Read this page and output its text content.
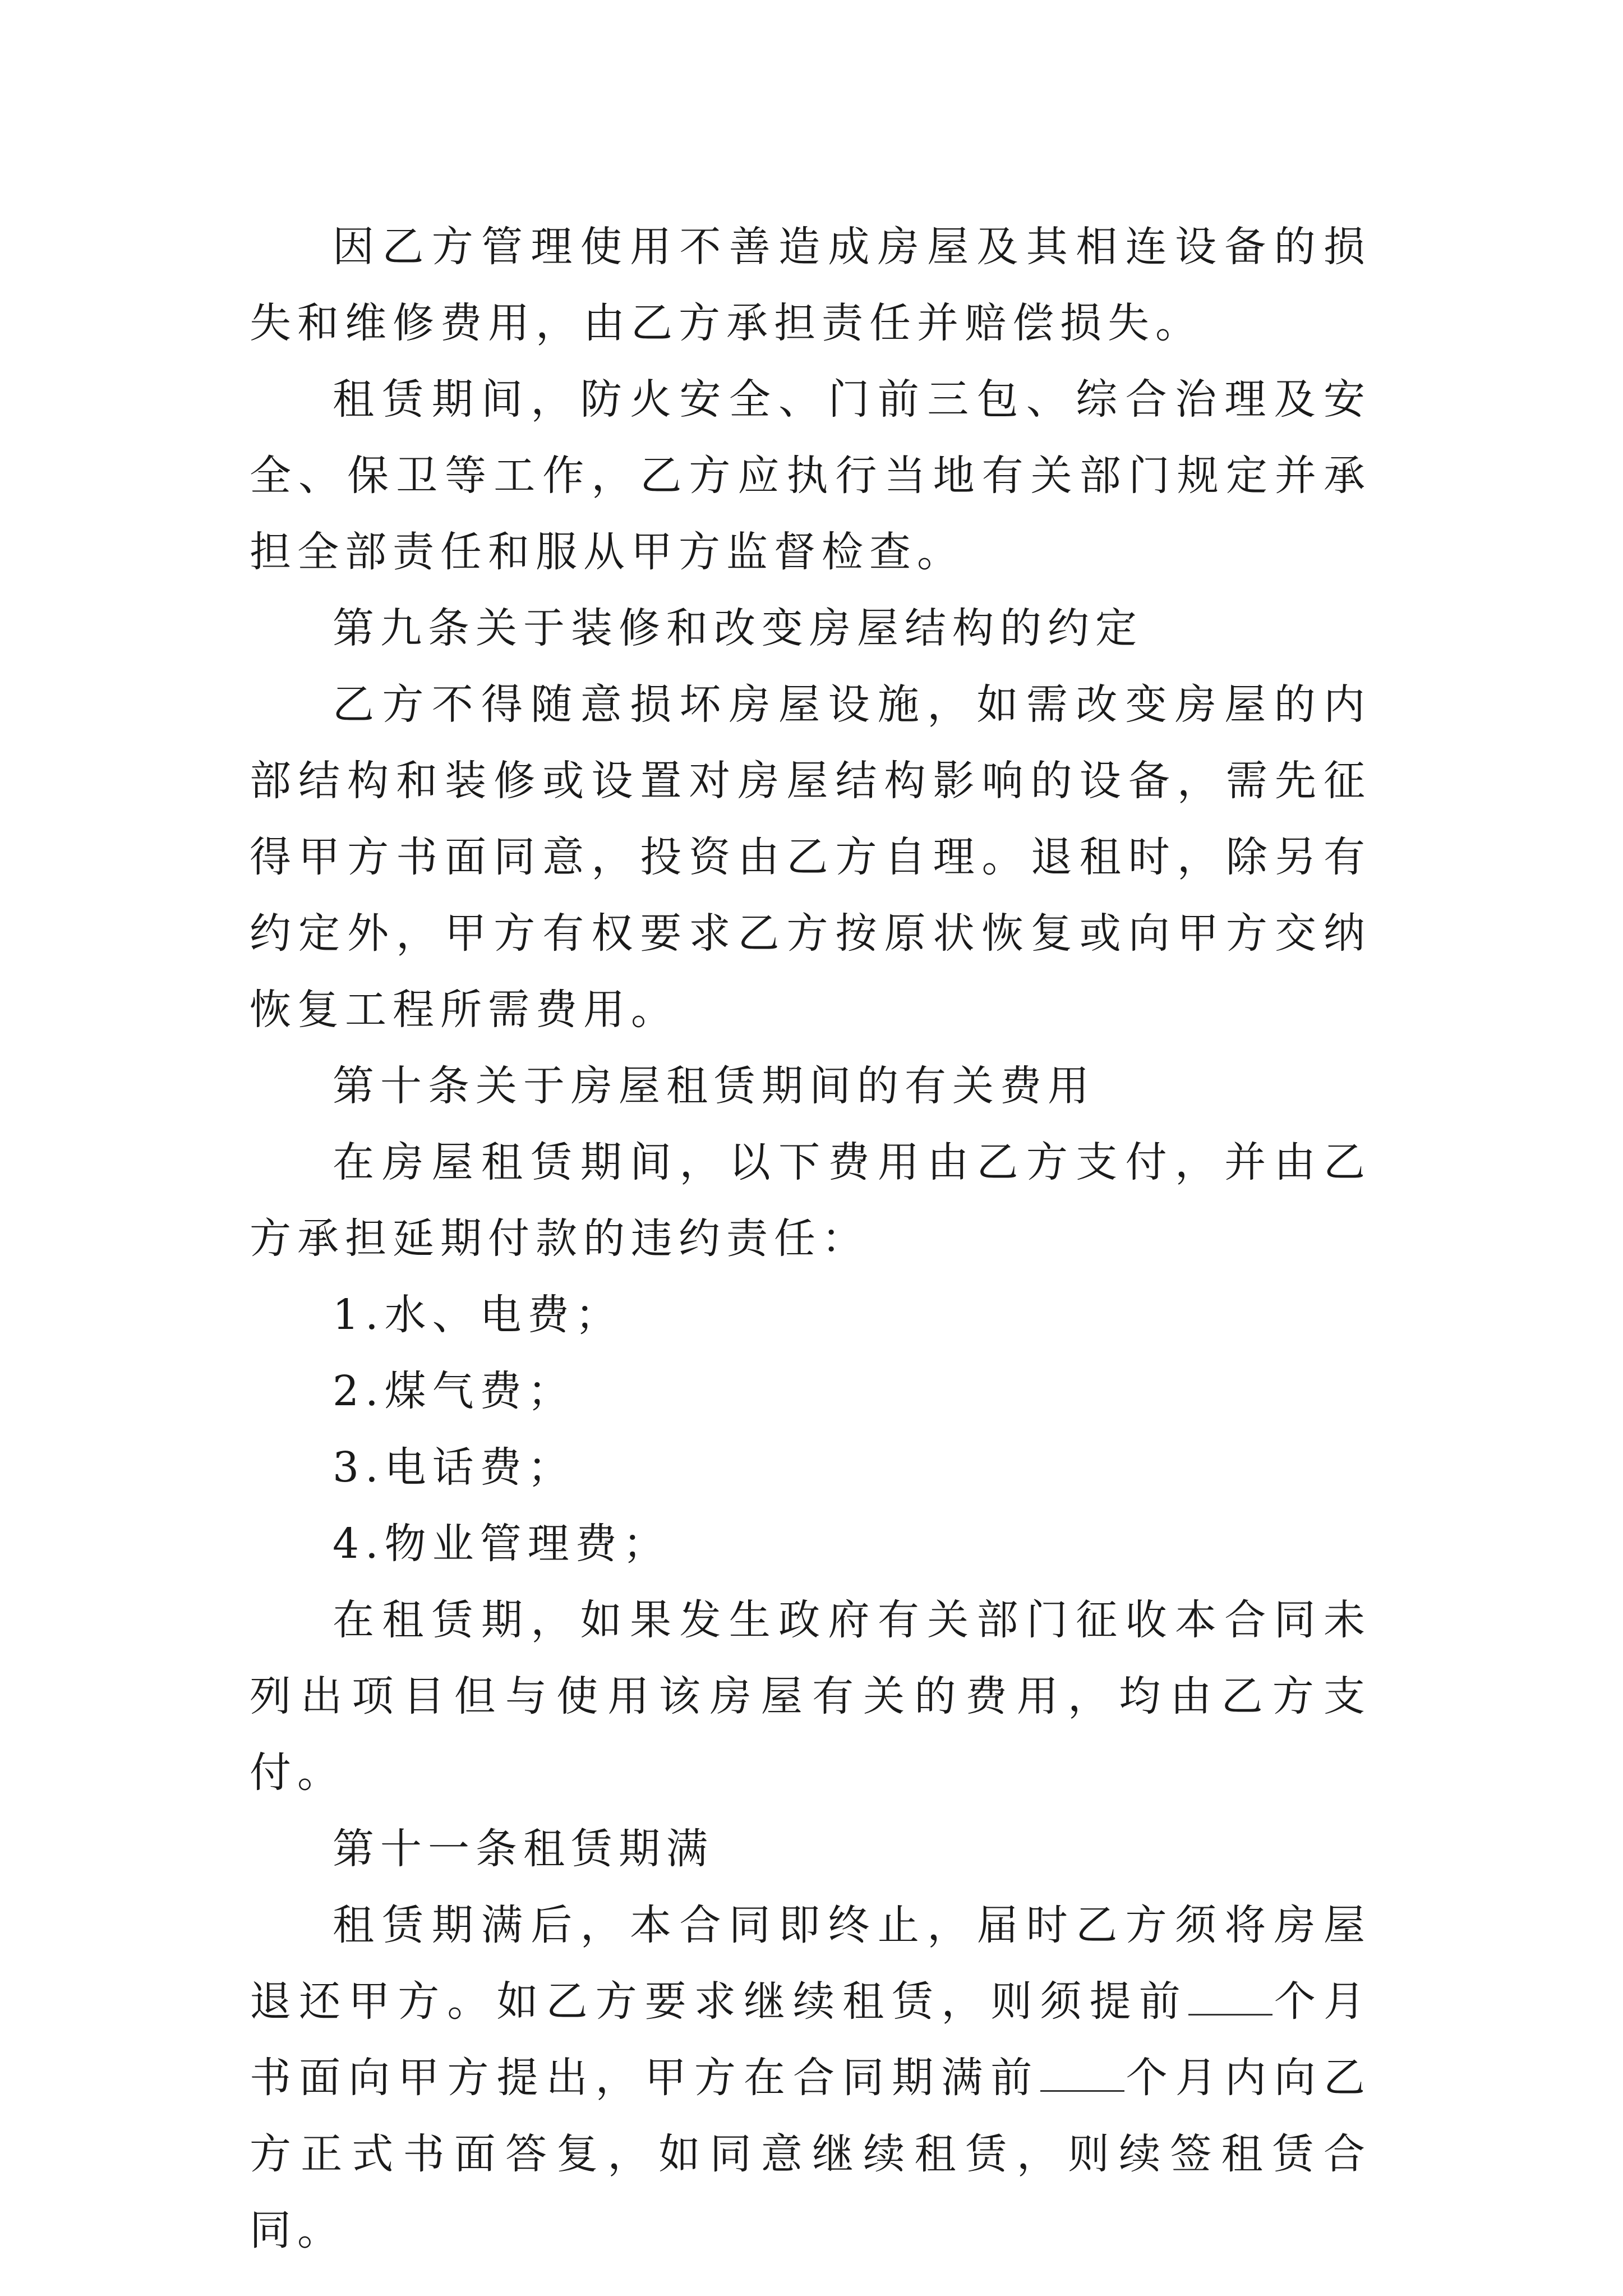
因乙方管理使用不善造成房屋及其相连设备的损失和维修费用，由乙方承担责任并赔偿损失。

租赁期间，防火安全、门前三包、综合治理及安全、保卫等工作，乙方应执行当地有关部门规定并承担全部责任和服从甲方监督检查。

第九条关于装修和改变房屋结构的约定

乙方不得随意损坏房屋设施，如需改变房屋的内部结构和装修或设置对房屋结构影响的设备，需先征得甲方书面同意，投资由乙方自理。退租时，除另有约定外，甲方有权要求乙方按原状恢复或向甲方交纳恢复工程所需费用。

第十条关于房屋租赁期间的有关费用

在房屋租赁期间，以下费用由乙方支付，并由乙方承担延期付款的违约责任：

1.水、电费；

2.煤气费；

3.电话费；

4.物业管理费；

在租赁期，如果发生政府有关部门征收本合同未列出项目但与使用该房屋有关的费用，均由乙方支付。

第十一条租赁期满

租赁期满后，本合同即终止，届时乙方须将房屋退还甲方。如乙方要求继续租赁，则须提前 个月书面向甲方提出，甲方在合同期满前 个月内向乙方正式书面答复，如同意继续租赁，则续签租赁合同。
